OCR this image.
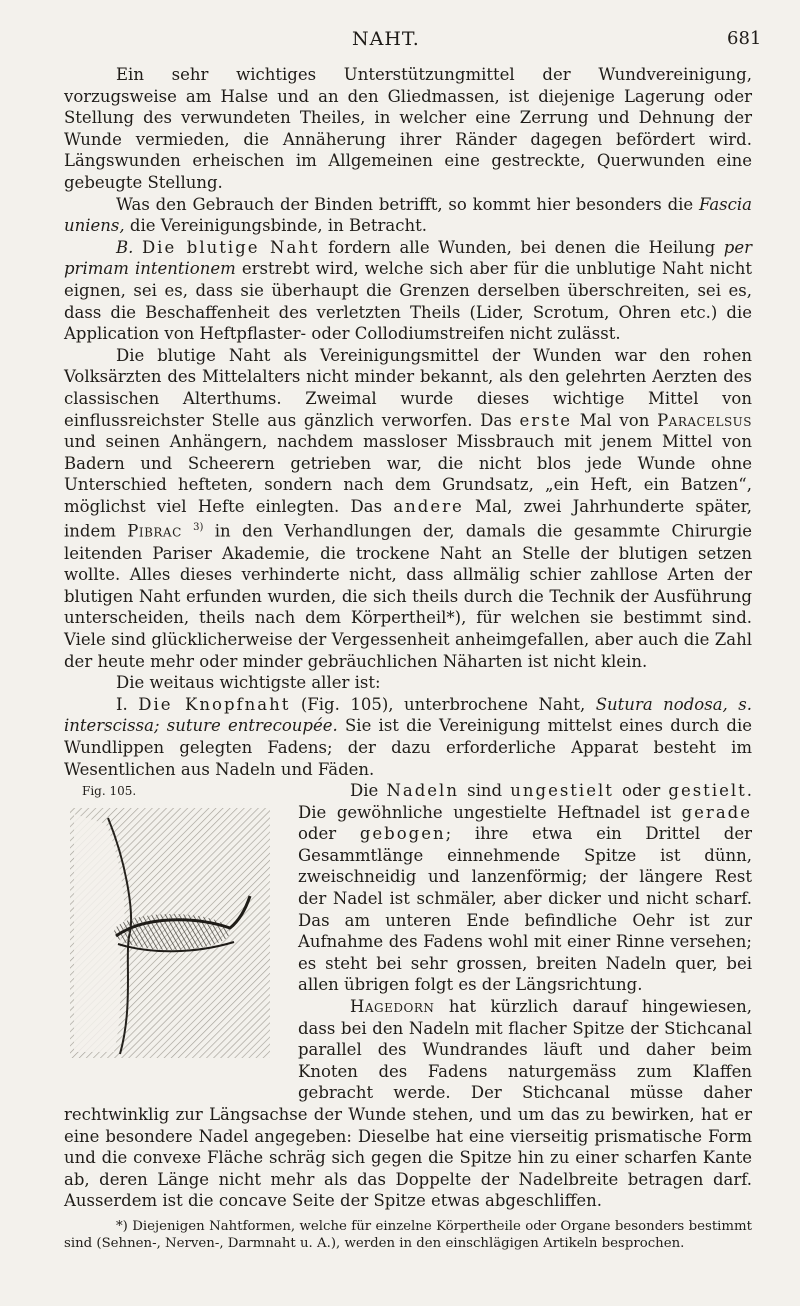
NAHT.	681

Ein sehr wichtiges Unterstützungmittel der Wundvereinigung, vorzugsweise am Halse und an den Gliedmassen, ist diejenige Lagerung oder Stellung des verwundeten Theiles, in welcher eine Zerrung und Dehnung der Wunde vermieden, die Annäherung ihrer Ränder dagegen befördert wird. Längswunden erheischen im Allgemeinen eine gestreckte, Querwunden eine gebeugte Stellung.

Was den Gebrauch der Binden betrifft, so kommt hier besonders die Fascia uniens, die Vereinigungsbinde, in Betracht.

B. Die blutige Naht fordern alle Wunden, bei denen die Heilung per primam intentionem erstrebt wird, welche sich aber für die unblutige Naht nicht eignen, sei es, dass sie überhaupt die Grenzen derselben überschreiten, sei es, dass die Beschaffenheit des verletzten Theils (Lider, Scrotum, Ohren etc.) die Application von Heftpflaster- oder Collodiumstreifen nicht zulässt.

Die blutige Naht als Vereinigungsmittel der Wunden war den rohen Volksärzten des Mittelalters nicht minder bekannt, als den gelehrten Aerzten des classischen Alterthums. Zweimal wurde dieses wichtige Mittel von einflussreichster Stelle aus gänzlich verworfen. Das erste Mal von Paracelsus und seinen Anhängern, nachdem massloser Missbrauch mit jenem Mittel von Badern und Scheerern getrieben war, die nicht blos jede Wunde ohne Unterschied hefteten, sondern nach dem Grundsatz, „ein Heft, ein Batzen“, möglichst viel Hefte einlegten. Das andere Mal, zwei Jahrhunderte später, indem Pibrac $^{3)}$ in den Verhandlungen der, damals die gesammte Chirurgie leitenden Pariser Akademie, die trockene Naht an Stelle der blutigen setzen wollte. Alles dieses verhinderte nicht, dass allmälig schier zahllose Arten der blutigen Naht erfunden wurden, die sich theils durch die Technik der Ausführung unterscheiden, theils nach dem Körpertheil*), für welchen sie bestimmt sind. Viele sind glücklicherweise der Vergessenheit anheimgefallen, aber auch die Zahl der heute mehr oder minder gebräuchlichen Näharten ist nicht klein.

Die weitaus wichtigste aller ist:

I. Die Knopfnaht (Fig. 105), unterbrochene Naht, Sutura nodosa, s. interscissa; suture entrecoupée. Sie ist die Vereinigung mittelst eines durch die Wundlippen gelegten Fadens; der dazu erforderliche Apparat besteht im Wesentlichen aus Nadeln und Fäden.

Fig. 105.	Die Nadeln sind ungestielt oder gestielt. Die gewöhnliche ungestielte Heftnadel ist gerade oder gebogen; ihre etwa ein Drittel der Gesammtlänge einnehmende Spitze ist dünn, zweischneidig und lanzenförmig; der längere Rest der Nadel ist schmäler, aber dicker und nicht scharf. Das am unteren Ende befindliche Oehr ist zur Aufnahme des Fadens wohl mit einer Rinne versehen; es steht bei sehr grossen, breiten Nadeln quer, bei allen übrigen folgt es der Längsrichtung.

Hagedorn hat kürzlich darauf hingewiesen, dass bei den Nadeln mit flacher Spitze der Stichcanal parallel des Wundrandes läuft und daher beim Knoten des Fadens naturgemäss zum Klaffen gebracht werde. Der Stichcanal müsse daher rechtwinklig zur Längsachse der Wunde stehen, und um das zu bewirken, hat er eine besondere Nadel angegeben: Dieselbe hat eine vierseitig prismatische Form und die convexe Fläche schräg sich gegen die Spitze hin zu einer scharfen Kante ab, deren Länge nicht mehr als das Doppelte der Nadelbreite betragen darf. Ausserdem ist die concave Seite der Spitze etwas abgeschliffen.

*) Diejenigen Nahtformen, welche für einzelne Körpertheile oder Organe besonders bestimmt sind (Sehnen-, Nerven-, Darmnaht u. A.), werden in den einschlägigen Artikeln besprochen.
